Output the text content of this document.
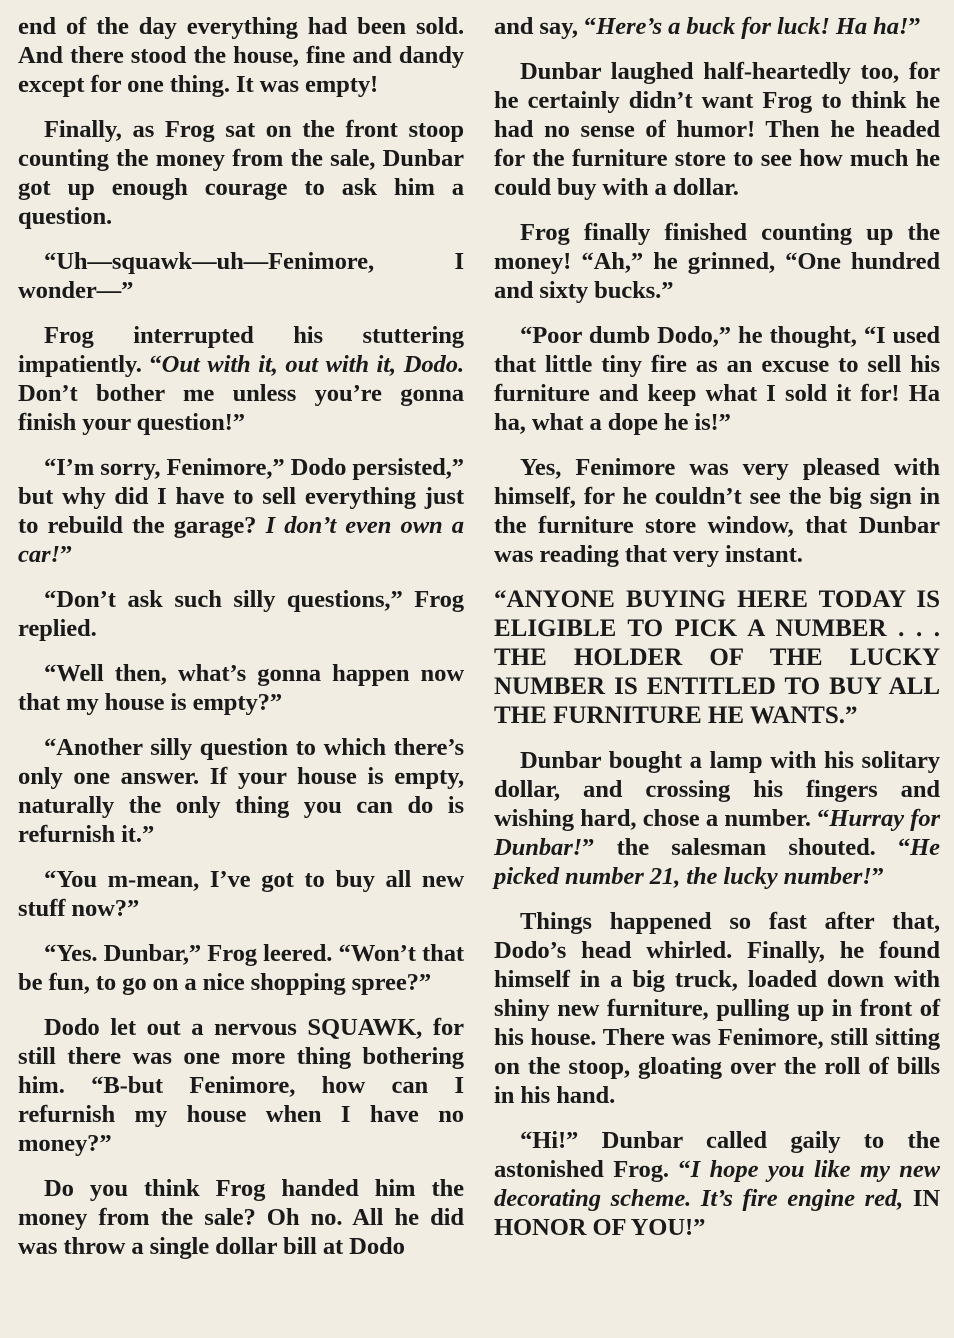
end of the day everything had been sold. And there stood the house, fine and dandy except for one thing. It was empty!

Finally, as Frog sat on the front stoop counting the money from the sale, Dunbar got up enough courage to ask him a question.

“Uh—squawk—uh—Fenimore, I wonder—”

Frog interrupted his stuttering impatiently. “Out with it, out with it, Dodo. Don’t bother me unless you’re gonna finish your question!”

“I’m sorry, Fenimore,” Dodo persisted,” but why did I have to sell everything just to rebuild the garage? I don’t even own a car!”

“Don’t ask such silly questions,” Frog replied.

“Well then, what’s gonna happen now that my house is empty?”

“Another silly question to which there’s only one answer. If your house is empty, naturally the only thing you can do is refurnish it.”

“You m-mean, I’ve got to buy all new stuff now?”

“Yes. Dunbar,” Frog leered. “Won’t that be fun, to go on a nice shopping spree?”

Dodo let out a nervous SQUAWK, for still there was one more thing bothering him. “B-but Fenimore, how can I refurnish my house when I have no money?”

Do you think Frog handed him the money from the sale? Oh no. All he did was throw a single dollar bill at Dodo

and say, “Here’s a buck for luck! Ha ha!”

Dunbar laughed half-heartedly too, for he certainly didn’t want Frog to think he had no sense of humor! Then he headed for the furniture store to see how much he could buy with a dollar.

Frog finally finished counting up the money! “Ah,” he grinned, “One hundred and sixty bucks.”

“Poor dumb Dodo,” he thought, “I used that little tiny fire as an excuse to sell his furniture and keep what I sold it for! Ha ha, what a dope he is!”

Yes, Fenimore was very pleased with himself, for he couldn’t see the big sign in the furniture store window, that Dunbar was reading that very instant.

“ANYONE BUYING HERE TODAY IS ELIGIBLE TO PICK A NUMBER . . . THE HOLDER OF THE LUCKY NUMBER IS ENTITLED TO BUY ALL THE FURNITURE HE WANTS.”

Dunbar bought a lamp with his solitary dollar, and crossing his fingers and wishing hard, chose a number. “Hurray for Dunbar!” the salesman shouted. “He picked number 21, the lucky number!”

Things happened so fast after that, Dodo’s head whirled. Finally, he found himself in a big truck, loaded down with shiny new furniture, pulling up in front of his house. There was Fenimore, still sitting on the stoop, gloating over the roll of bills in his hand.

“Hi!” Dunbar called gaily to the astonished Frog. “I hope you like my new decorating scheme. It’s fire engine red, IN HONOR OF YOU!”
